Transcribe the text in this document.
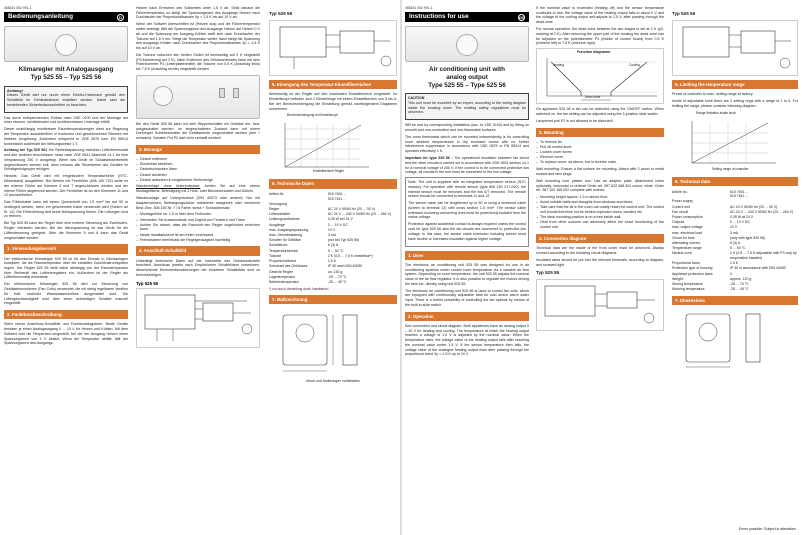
468151 002 991-1
Bedienungsanleitung	D
Klimaregler mit Analogausgang
Typ 525 55 – Typ 525 56
Achtung!

Dieses Gerät darf nur durch einen Elektro-Fachmann gemäß den Schaltbild im Gehäusedeckel installiert werden. Dabei sind die bestehenden Sicherheitsvorschriften zu beachten.

Das durch entsprechenden Einbau nach VDE 0100 und der Montage auf einer ebenen, nichtleitenden und nichtbrennbaren Unterlage erfüllt.

Dieser unabhängig montierbare Raumtemperaturregler dient zur Regelung der Temperatur ausschließlich in trockenen und geschlossenen Räumen mit üblicher Umgebung. Außerdem entspricht er VDE 0875 bzw. EN 55014 funkentstört außerhalb der Wirkungsweise 1 Y.

Achtung bei Typ 525 561 Die Betriebsspannung zwischen Lüfterthermostat und den anderen Anschlüssen muss nach VDE 0631 Abschnitt 14.1 für eine Verspannung 250 V ausgelegt. Wenn das Gerät im Schaltsteckerbetrieb angeschlossen werden soll, dann müssen alle Stromkreise des Gerätes im Schaltgerüstgruppe erfolgen.

Hinweis: Das Gerät wird mit eingebautem Temperaturfühler (NTC-Widerstand) ausgeliefert. Bei Betrieb mit Fernfühler (606 150 732) sollte es der externe Fühler auf Klemme 6 und 7 angeschlossen werden und der interne Fühler abgetrennt werden. Der Fernfühler ist an den Klemmen 11 und 12 anzuschließen.

Das Fühlerkabel kann mit einem Querschnitt von 1,5 mm² bis auf 50 m verlängert werden, wenn ein geschirmtes Kabel verwendet wird (Schirm an Kl. 12). Die Fühlerleitung darf keine Netzspannung führen. Die Leitungen sind zu trennen.

Bei Typ 525 55 kann der Regler über eine externe Steuerung als 'Zweistufen-Regler' betrieben werden. Bei der Nennspannung ist das Gerät für die Lüftersteuerung geeignet. Über die Klemmen 5 und 6 kann das Gerät umgeschaltet werden.

1. Verwendungsbereich

Der elektronische Klimaregler 525 55 ist für den Einsatz in Klimaanlagen konzipiert, die die Raumtemperatur über ein variables Volumenstromsystem regeln. Der Regler 525 55 stellt dabei abhängig von der Raumtemperatur über Stellventil des Luftheizregisters ein. Außerdem ist der Regler als Lüfterthermostat einsetzbar.

Der elektronische Klimaregler 525 56 wird zur Steuerung von Gebläsekonvektoren (Fan-Coils) verwendet, die mit stetig regelbaren Ventilen für Kalt- und/oder Warmwasserzufluss ausgestattet sind. Die Lüftergeschwindigkeit wird über einen dreistufigen Schalter manuell eingestellt.

2. Funktionsbeschreibung

Siehe hierzu Anschluss-Schaltbild und Funktionsdiagramm. Beide Geräte besitzen je einen Analogausgang 0 ... 10 V für Heizen und Kühlen. Mit dem Sollwert wird die Temperatur eingestellt, bei der der Ausgang Heizen einen Spannungswert von 1 V besitzt. Wenn die Temperatur abfällt, fällt der Spannungswert des Ausgangs.

Heizen nach Erreichen des Sollwertes unter 1,5 V ab. Sinkt danach die Führertemperatur, so steigt der Spannungswert des Ausgangs Heizen nach Durchlaufen der Proportionalbandes Xp = 1,5 K bis auf 10 V an.

Wenn der Sollwert überschritten ist (Heizen aus) und die Führertemperatur weiter ansteigt, fällt der Spannungswert des Ausgangs Heizen auf Heizen 0 V ab und die Spannung am Ausgang Kühlen stellt sich nach Durchlaufen der Totzone auf 1,5 V ein. Steigt die Temperatur weiter, dann steigt die Spannung des Ausgangs Kühlen nach Durchlaufen des Proportionalbandes Xp = 1,5 K bis auf 10 V an.

Die Totzone zwischen den beiden Stufen ist werksseitig auf 2 K eingestellt (P3-Markierung auf 2 K). Nach Entfernen des Gehäusedeckels kann mit dem Potentiometer P3 (Leiterplattenmitte) die Totzone von 0,5 K (Anschlag links) bis 7,5 K (Anschlag rechts) eingestellt werden.

Bei den Gerät 525 56 kann mit dem Wippenschalter ein Gebläse ein- bzw. ausgeschaltet werden. Im eingeschalteten Zustand kann mit einem Drehregler Schiebeschalter die Gebläsestufe umgeschaltet werden (drei + schwach). Schalter Pot P2 darf nicht verstellt werden!

3. Montage
– Deckel entfernen
– Einstellrad abziehen;
– Deckelschrauben lösen
– Deckel abziehen
– Deckel aufsetzen in umgekehrter Reihenfolge

Wandmontage ohne Unterputzdose: Achten Sie auf eine ebene Montagefläche. Befestigung mit 2 Holz- oder Blechschrauben und Dübeln.

Wandmontage auf Unterputzdose (DIN 49073 oder andere): Nur mit Adapterrahmen; Befestigungslöcher wahlweise waagrecht oder senkrecht Best.-Bez. 606 150 Nr. 7 / 8 Farbe: weiss + Schraubensatz

– Montagehöhe ca. 1,5 m über dem Fußboden
– Vermeiden Sie Aussenwände und Zugluft von Fenstern und Türen
– Achten Sie darauf, dass die Raumluft den Regler ungehindert erreichen kann.
– Ideale Installationsort ist am freien Innenwand.
– Fremdwärme beeinflusst die Regelgenauigkeit nachteilig.
4. Anschluß-Schaltbild

Unbedingt technische Daten auf der Innenseite des Gehäusedeckels beachten. Anschluss jeweils nach Empfohlenen Schaltbildern vornehmen. Abweichende Klemmenbezeichnungen der einzelnen Schaltbilder sind zu berücksichtigen.

Typ 525 55
Typ 525 56
5. Einengung des Temperatur-Einstellbereiches

Werksseitig ist der Regler auf den maximalen Einstellbereich eingestellt. Im Einstellknopf befinden sich 2 Einstellringe mit einem Einstellbereich von 5 bis 6. Bei der Bereichseinengung die Einstellung gemäß nachfolgendem Diagramm vornehmen.

Bereichseinengung im Einstellknopf
Einstellbereich Regler
6. Technische Daten
Artikel-Nr.	515 7601 ...
515 7611 ...
Versorgung	
Regler	AC 24 V 50/60 Hz (20 ... 30 V)
Lüfterschalter	AC 24 V ... 240 V 50/60 Hz (20 ... 264 V)
Leistungsaufnahme	0,35 W bei 24 V
Ausgänge	3 ... 10 V DC
max. Ausgangsspannung	10 V
max. Strombelastung	3 mA
Schalter für Gebläse	(nur bei Typ 525 56)
Schaltstrom	6 (3) A
Temperaturbereich	5 ... 30 °C
Totzone	2 K (0,5 ... 7,5 K einstellbar*)
Proportionalband	1,5 K
Schutzart des Gehäuses	IP 30 nach DIN 40050
Gewicht Regler	ca. 130 g
Lagertemperatur	-25 ... 70 °C
Betriebstemperatur	-25 ... 45 °C
*) nur durch Verstellung durch Installateur!
7. Maßzeichnung
Irrtum und Änderungen vorbehalten
468151 002 991-1
Instructions for use	GB
Air conditioning unit with
analog output
Type 525 55 – Type 525 56
CAUTION

This unit must be mounted by an expert, according to the wiring diagram inside the housing cover. The existing safety regulations must be observed.

Will be met by corresponding installation (acc. to VDE 0100) and by fitting on smooth and non-conductive and non-flammable surfaces.

The room thermostat which can be mounted independently is for controlling room ambient temperatures in dry enclosed rooms with no further interference suppression in accordance with VDE 0875 or EN 55014 and operates effectively 1 K.

Important for type 525 56 : The operational insulation between fan circuit and the other circuits is carried out in accordance with VDE 0631 section 14.1 for a nominal voltage of 250 V. If the control is to be connected protective low voltage, all circuits in the unit must be connected to the low voltage.

Note: The unit is supplied with an integrated temperature sensor (NTC resistor). For operation with remote sensor (type 606 150 217-000), the internal sensor must be removed and the link 6/7 removed. The remote sensor should be connected to terminals 11 and 12.

The sensor cable can be lengthened up to 50 m using a screened cable (screen to terminal 12) with cross section 1.5 mm². The sensor cable extension including connecting lines must be protectively isolated from the mains voltage.

Protection against accidental contact is always required unless the control cord for type 525 56 also the fan circuits are connected to protective low voltage. In this case, the sensor cable extension including screen must have double or increased insulation against higher voltage.

1. Uses

The electronic air conditioning unit 525 55 was designed for use in air conditioning systems which control room temperature via a variable air flow system. Depending on room temperature, the unit 525 55 adjusts the nominal value of the air flow regulator. It is also possible to regulate the motors driving the fans etc. directly using unit 525 55.

The electronic air conditioning unit 525 56 is used to control fan coils, which are equipped with continuously adjustable fans for cold and/or warm water input. There is a further possibility of controlling the fan speeds by means of the built-in slide switch.

2. Operation

See connection and circuit diagram. Both appliances have an analog output 0 – 10 V for heating and cooling. The temperature at which the heating output reaches a voltage of 1.5 V is adjusted by the nominal value. When the temperature rises, the voltage value of the heating output falls after reaching the nominal value under 1.5 V. If the sensor temperature then falls, the voltage value of the analogue heating output rises after passing through the proportional band Xp = 1.5 K up to 10 V.

If the nominal value is exceeded (heating off) and the sensor temperature continues to rise, the voltage value of the heating output falls to about 0 V and the voltage of the cooling output self-adjusts to 1.5 V, after passing through the dead zone.

For normal operation, the dead zone between the two stages is set at 2 K (p3-marking at 2 K). After removing the upper part of the housing the dead zone can be adjusted on the potentiometer P3 (middle of control board) from 0.5 K (extreme left) to 7.5 K (extreme right).

Function diagramm
Heating	Cooling
Dead zone

On appliance 525 56 a fan can be switched using the ON/OFF switch. When switched on, the fan setting can be adjusted using the 3-position slide switch.

Lacquered poti P2 is not allowed to be distorted!

3. Mounting
– To remove lid:
– Pull off control knob
– Loosen cover screw
– Remove cover
– To replace cover: as above, but in reverse order.

Wall mounting: Ensure a flat surface for mounting. Attach with 2 wood or metal screws and rawl plugs.

Wall mounting over plaster box: Use an adaptor plate. Attachment holes optionally, horizontal or vertical: Order ref. 087 632 488 801 colour: white. Order ref. 087 103 168 002 complete with screws.

– Mounting height approx. 1.5 m above floor.
– Avoid outside walls and draughts from windows and doors.
– Take care that the air in the room can easily reach the control unit. The control unit should therefore not be behind cupboard doors, curtains etc.
– The ideal mounting position is on a free inside wall.
– Heat from other sources can adversely affect the exact functioning of the control unit.
4. Connection diagram

Technical data are the inside of the front cover must be observed. Always connect according to the following circuit diagrams.

Insulated wires should be put into the relevant terminals, according to diagram, and screwed tight.

Typ 525 55
Typ 525 56
5. Limiting the temperature range

Preset of controller to max. setting range at factory.

Inside of adjustable knob there are 2 setting rings with a range of 1 to 6. For limiting the range, please consider following diagram.

Range limitation inside knob
Setting range of controller
6. Technical data
Article no.	515 7601 ...
515 7611 ...
Power supply	
Control unit	AC 24 V 50/60 Hz (20 ... 30 V)
Fan circuit	AC 24 V ... 240 V 50/60 Hz (20 ... 264 V)
Power consumption	0.35 W at 24 V
Outputs	0 ... 10 V DC
max. output voltage	10 V
max. electrical load	3 mA
Circuit for fans	(only with type 525 56)
alternating current	6 (3) A
Temperature range	5 ... 30 °C
Neutral zone	2 K (0.5 ... 7.5 K adjustable with P3 only by responsible installer)
Proportional band	1.5 K
Protection type of housing	IP 30 in accordance with DIN 40050
Appliance protection class	II
Weight	approx. 120 g
Storing temperature	-25 ... 70 °C
Working temperature	-25 ... 45 °C
7. Dimensions
Errors possible / Subject to alterations
